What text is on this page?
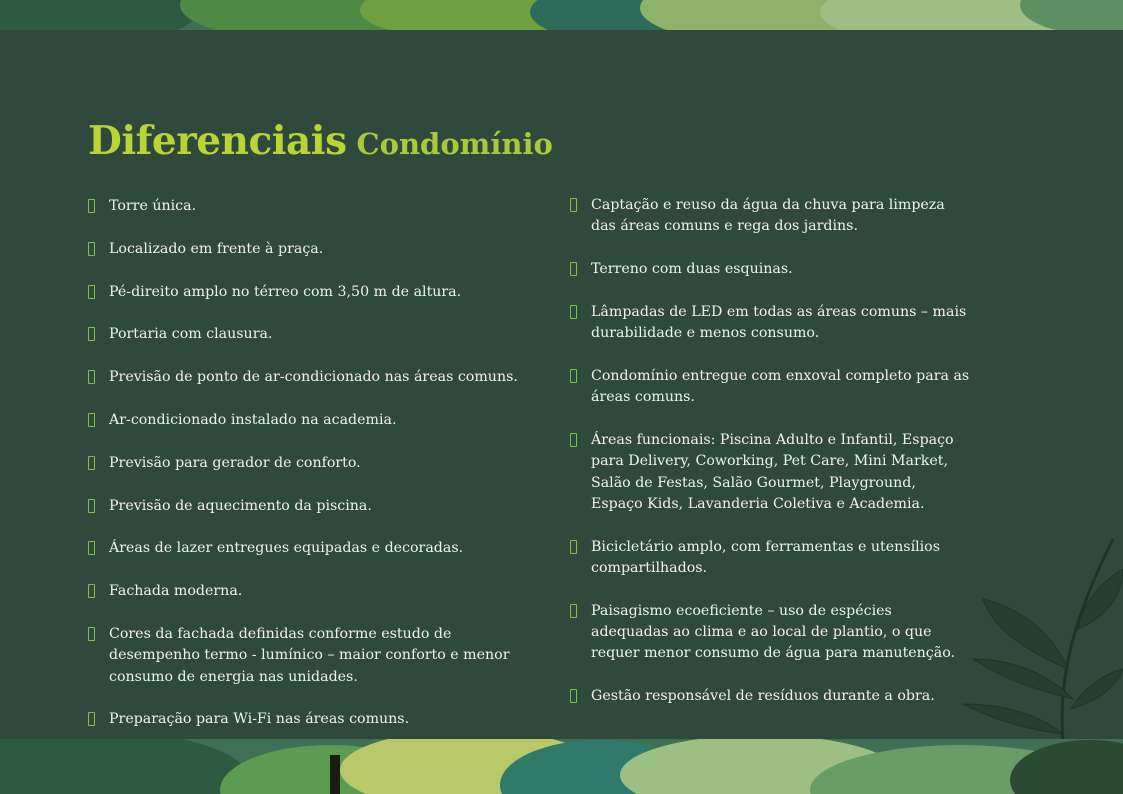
Diferenciais Condomínio
Torre única.
Localizado em frente à praça.
Pé-direito amplo no térreo com 3,50 m de altura.
Portaria com clausura.
Previsão de ponto de ar-condicionado nas áreas comuns.
Ar-condicionado instalado na academia.
Previsão para gerador de conforto.
Previsão de aquecimento da piscina.
Áreas de lazer entregues equipadas e decoradas.
Fachada moderna.
Cores da fachada definidas conforme estudo de desempenho termo - lumínico – maior conforto e menor consumo de energia nas unidades.
Preparação para Wi-Fi nas áreas comuns.
Captação e reuso da água da chuva para limpeza das áreas comuns e rega dos jardins.
Terreno com duas esquinas.
Lâmpadas de LED em todas as áreas comuns – mais durabilidade e menos consumo.
Condomínio entregue com enxoval completo para as áreas comuns.
Áreas funcionais: Piscina Adulto e Infantil, Espaço para Delivery, Coworking, Pet Care, Mini Market, Salão de Festas, Salão Gourmet, Playground, Espaço Kids, Lavanderia Coletiva e Academia.
Bicicletário amplo, com ferramentas e utensílios compartilhados.
Paisagismo ecoeficiente – uso de espécies adequadas ao clima e ao local de plantio, o que requer menor consumo de água para manutenção.
Gestão responsável de resíduos durante a obra.
